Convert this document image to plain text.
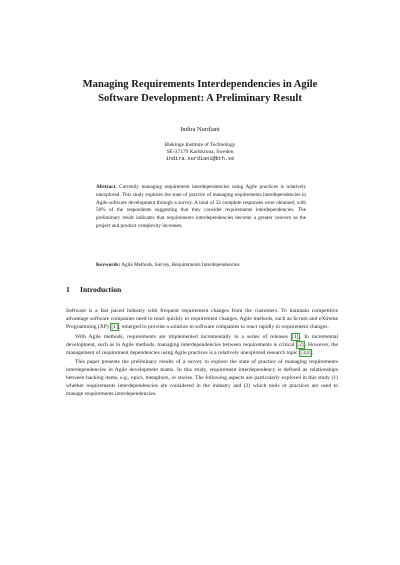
Managing Requirements Interdependencies in Agile Software Development: A Preliminary Result
Indira Nurdiani
Blekinge Institute of Technology
SE-37179 Karlskrona, Sweden
indira.nurdiani@bth.se
Abstract. Currently managing requirement interdependencies using Agile practices is relatively unexplored. This study explores the state of practice of managing requirements interdependencies in Agile software development through a survey. A total of 32 complete responses were obtained, with 50% of the respondents suggesting that they consider requirements interdependencies. The preliminary result indicates that requirements interdependencies become a greater concern as the project and product complexity increases.
Keywords: Agile Methods, Survey, Requirements Interdependencies
1 Introduction

Software is a fast paced industry with frequent requirement changes from the customers. To maintain competitive advantage software companies need to react quickly to requirement changes. Agile methods, such as Scrum and eXtreme Programming (XP) [1], emerged to provide a solution to software companies to react rapidly to requirement changes.

With Agile methods, requirements are implemented incrementally in a series of releases [1]. In incremental development, such as in Agile methods, managing interdependencies between requirements is critical [2]. However, the management of requirement dependencies using Agile practices is a relatively unexplored research topic [3|4].

This paper presents the preliminary results of a survey to explore the state of practice of managing requirements interdependencies in Agile development teams. In this study, requirement interdependency is defined as relationships between backlog items, e.g., epics, metaphors, or stories. The following aspects are particularly explored in this study (1) whether requirements interdependencies are considered in the industry and (2) which tools or practices are used to manage requirements interdependencies.
